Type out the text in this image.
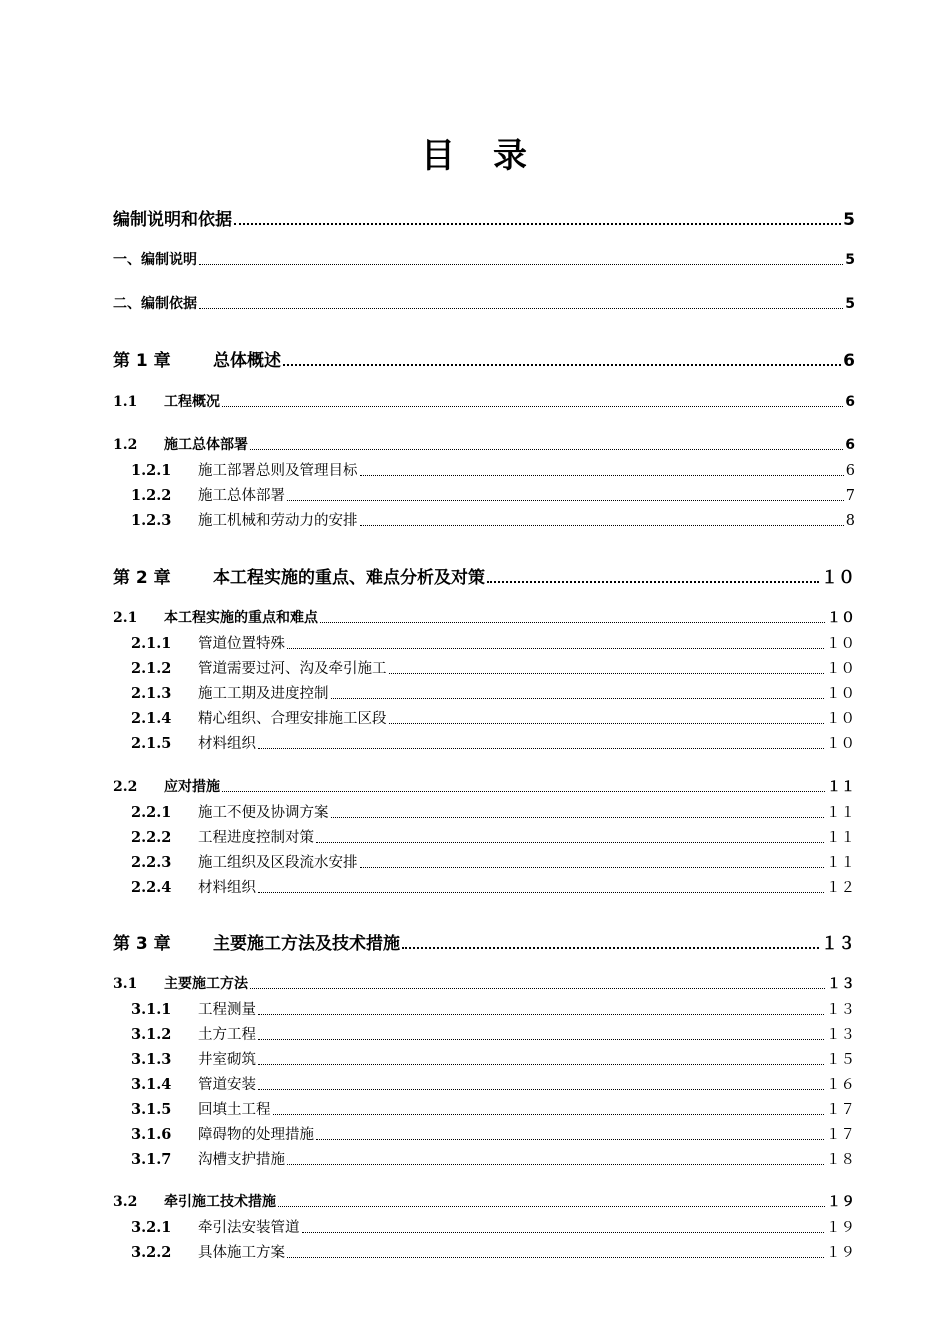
目　录
编制说明和依据	5
一、编制说明	5
二、编制依据	5
第 1 章	总体概述	6
1.1	工程概况	6
1.2	施工总体部署	6
1.2.1	施工部署总则及管理目标	6
1.2.2	施工总体部署	7
1.2.3	施工机械和劳动力的安排	8
第 2 章	本工程实施的重点、难点分析及对策	１０
2.1	本工程实施的重点和难点	１０
2.1.1	管道位置特殊	１０
2.1.2	管道需要过河、沟及牵引施工	１０
2.1.3	施工工期及进度控制	１０
2.1.4	精心组织、合理安排施工区段	１０
2.1.5	材料组织	１０
2.2	应对措施	１１
2.2.1	施工不便及协调方案	１１
2.2.2	工程进度控制对策	１１
2.2.3	施工组织及区段流水安排	１１
2.2.4	材料组织	１２
第 3 章	主要施工方法及技术措施	１３
3.1	主要施工方法	１３
3.1.1	工程测量	１３
3.1.2	土方工程	１３
3.1.3	井室砌筑	１５
3.1.4	管道安装	１６
3.1.5	回填土工程	１７
3.1.6	障碍物的处理措施	１７
3.1.7	沟槽支护措施	１８
3.2	牵引施工技术措施	１９
3.2.1	牵引法安装管道	１９
3.2.2	具体施工方案	１９
